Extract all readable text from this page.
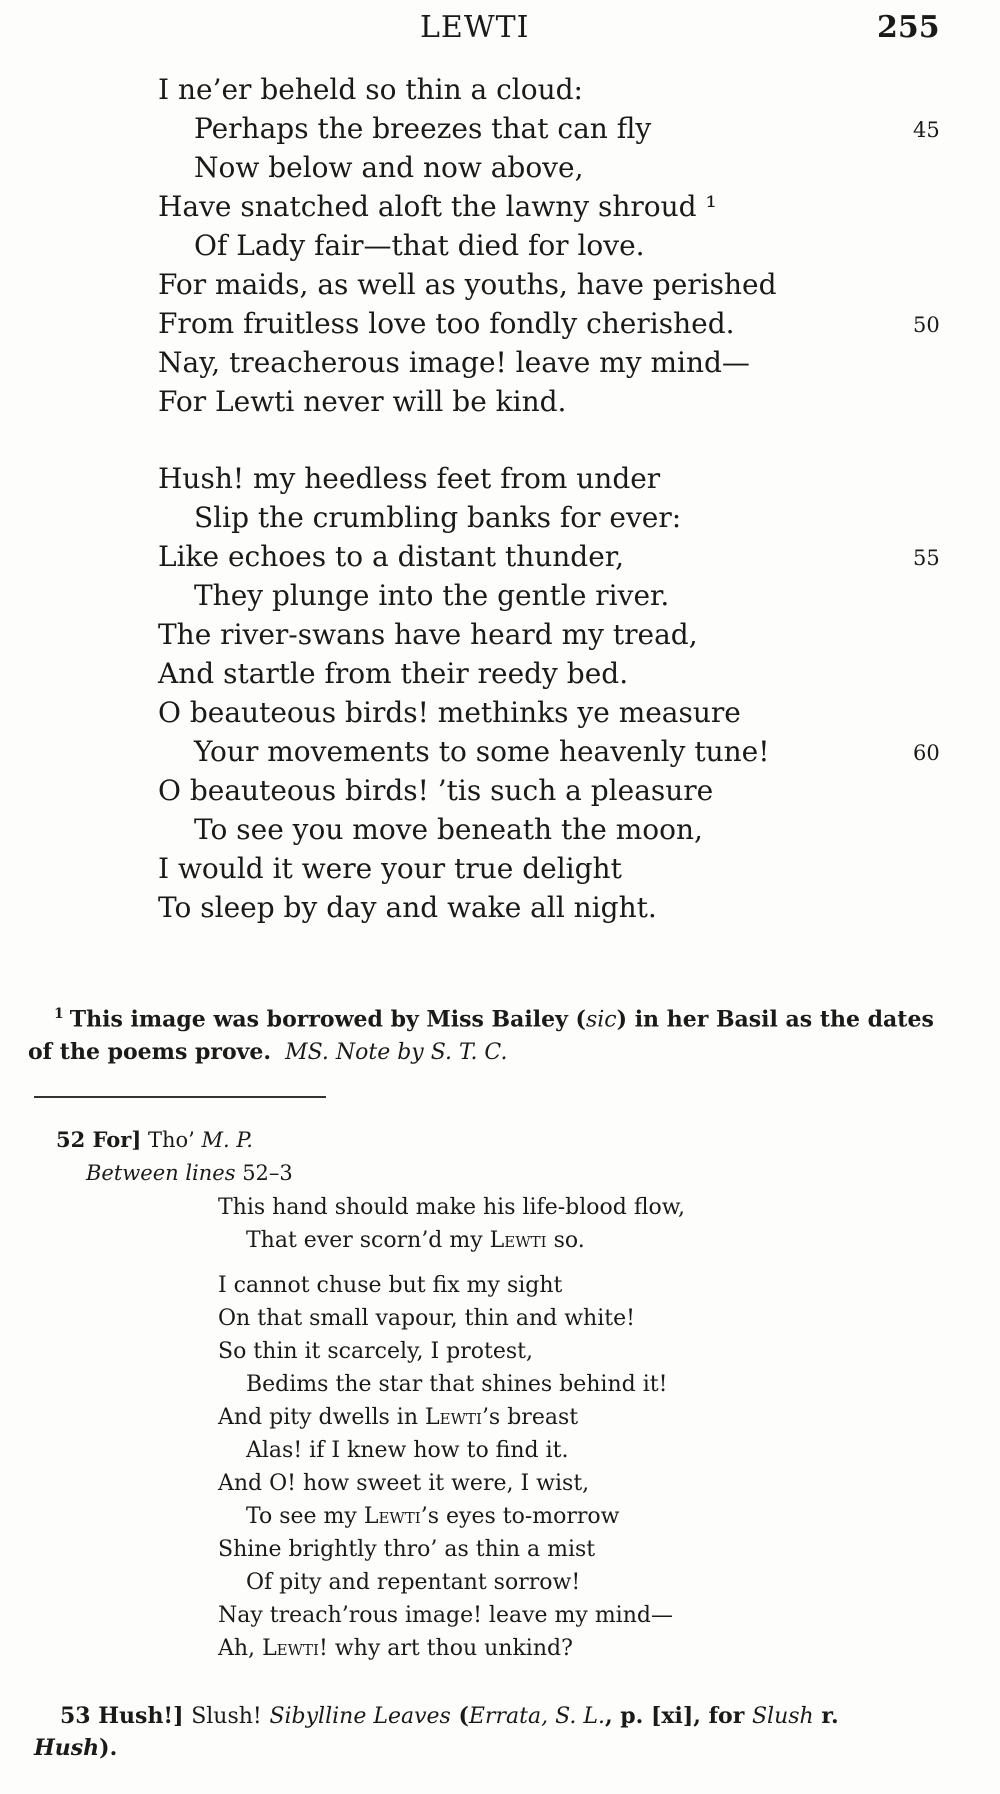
LEWTI	255
I ne’er beheld so thin a cloud:
Perhaps the breezes that can fly	45
Now below and now above,
Have snatched aloft the lawny shroud ¹
Of Lady fair—that died for love.
For maids, as well as youths, have perished
From fruitless love too fondly cherished.	50
Nay, treacherous image! leave my mind—
For Lewti never will be kind.
Hush! my heedless feet from under
Slip the crumbling banks for ever:
Like echoes to a distant thunder,	55
They plunge into the gentle river.
The river-swans have heard my tread,
And startle from their reedy bed.
O beauteous birds! methinks ye measure
Your movements to some heavenly tune!	60
O beauteous birds! ’tis such a pleasure
To see you move beneath the moon,
I would it were your true delight
To sleep by day and wake all night.
$^1$ This image was borrowed by Miss Bailey (sic) in her Basil as the dates of the poems prove. MS. Note by S. T. C.
52 For] Tho’ M. P.
Between lines 52–3
This hand should make his life-blood flow,
That ever scorn’d my Lewti so.
I cannot chuse but fix my sight
On that small vapour, thin and white!
So thin it scarcely, I protest,
Bedims the star that shines behind it!
And pity dwells in Lewti’s breast
Alas! if I knew how to find it.
And O! how sweet it were, I wist,
To see my Lewti’s eyes to-morrow
Shine brightly thro’ as thin a mist
Of pity and repentant sorrow!
Nay treach’rous image! leave my mind—
Ah, Lewti! why art thou unkind?
53 Hush!] Slush! Sibylline Leaves (Errata, S. L., p. [xi], for Slush r.
Hush).
